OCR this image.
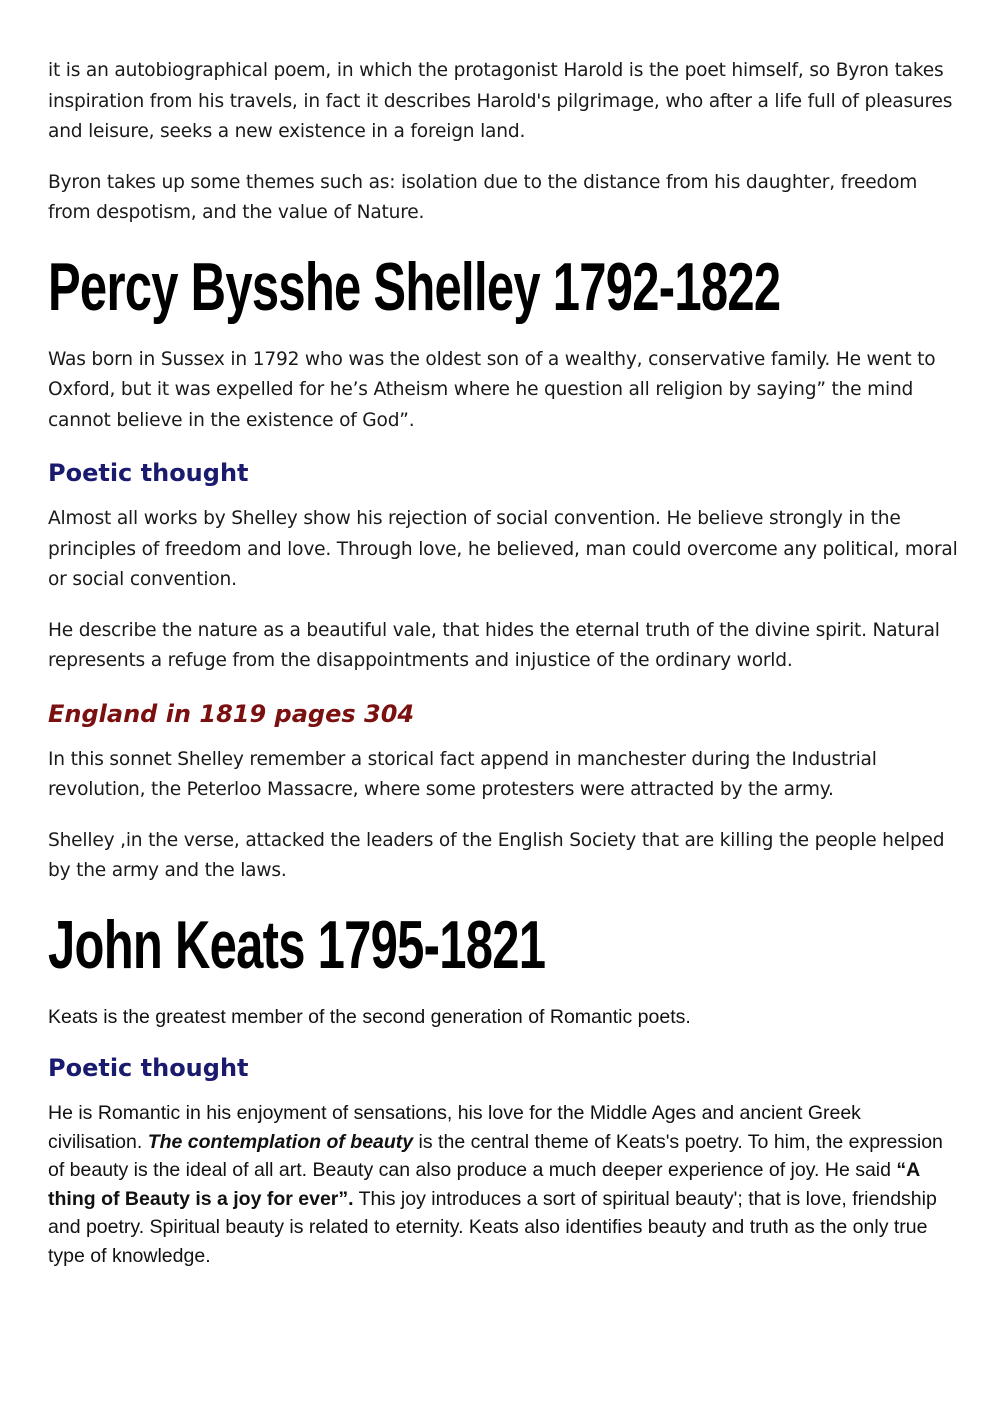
it is an autobiographical poem, in which the protagonist Harold is the poet himself, so Byron takes inspiration from his travels, in fact it describes Harold's pilgrimage, who after a life full of pleasures and leisure, seeks a new existence in a foreign land.

Byron takes up some themes such as: isolation due to the distance from his daughter, freedom from despotism, and the value of Nature.

Percy Bysshe Shelley 1792-1822

Was born in Sussex in 1792 who was the oldest son of a wealthy, conservative family. He went to Oxford, but it was expelled for he’s Atheism where he question all religion by saying” the mind cannot believe in the existence of God”.

Poetic thought

Almost all works by Shelley show his rejection of social convention. He believe strongly in the principles of freedom and love. Through love, he believed, man could overcome any political, moral or social convention.

He describe the nature as a beautiful vale, that hides the eternal truth of the divine spirit. Natural represents a refuge from the disappointments and injustice of the ordinary world.

England in 1819 pages 304

In this sonnet Shelley remember a storical fact append in manchester during the Industrial revolution, the Peterloo Massacre, where some protesters were attracted by the army.

Shelley ,in the verse, attacked the leaders of the English Society that are killing the people helped by the army and the laws.

John Keats 1795-1821

Keats is the greatest member of the second generation of Romantic poets.

Poetic thought

He is Romantic in his enjoyment of sensations, his love for the Middle Ages and ancient Greek civilisation. The contemplation of beauty is the central theme of Keats's poetry. To him, the expression of beauty is the ideal of all art. Beauty can also produce a much deeper experience of joy. He said “A thing of Beauty is a joy for ever”. This joy introduces a sort of spiritual beauty'; that is love, friendship and poetry. Spiritual beauty is related to eternity. Keats also identifies beauty and truth as the only true type of knowledge.
